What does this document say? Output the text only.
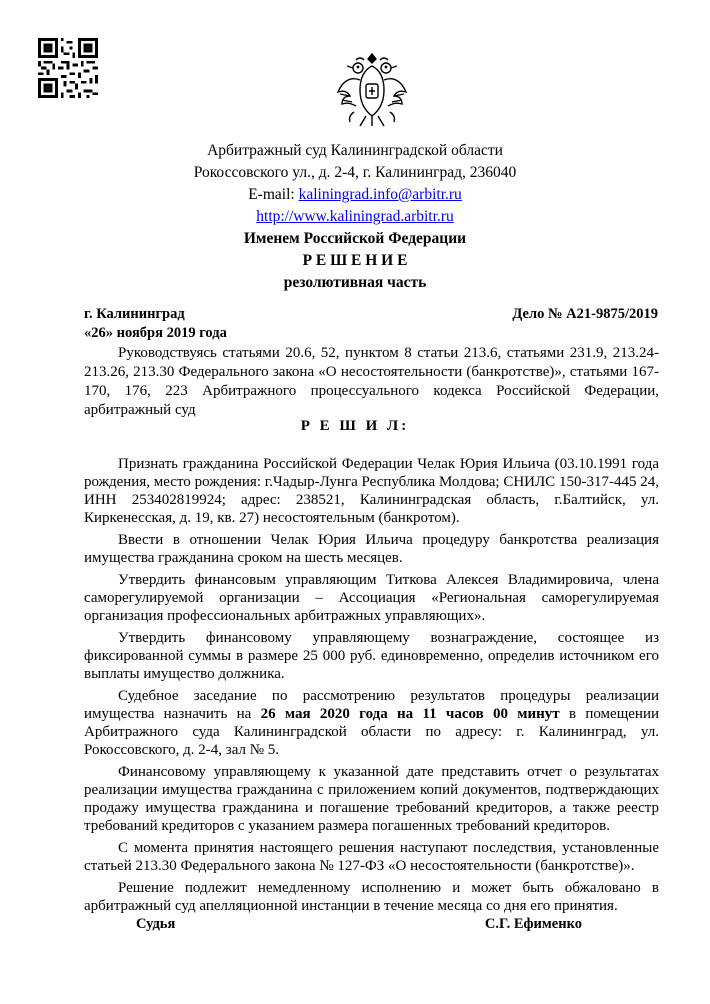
Арбитражный суд Калининградской области
Рокоссовского ул., д. 2-4, г. Калининград, 236040
E-mail: kaliningrad.info@arbitr.ru
http://www.kaliningrad.arbitr.ru
Именем Российской Федерации
Р Е Ш Е Н И Е
резолютивная часть
г. Калининград	Дело № А21-9875/2019
«26» ноября 2019 года

Руководствуясь статьями 20.6, 52, пунктом 8 статьи 213.6, статьями 231.9, 213.24-213.26, 213.30 Федерального закона «О несостоятельности (банкротстве)», статьями 167-170, 176, 223 Арбитражного процессуального кодекса Российской Федерации, арбитражный суд

Р Е Ш И Л:

Признать гражданина Российской Федерации Челак Юрия Ильича (03.10.1991 года рождения, место рождения: г.Чадыр-Лунга Республика Молдова; СНИЛС 150-317-445 24, ИНН 253402819924; адрес: 238521, Калининградская область, г.Балтийск, ул. Киркенесская, д. 19, кв. 27) несостоятельным (банкротом).

Ввести в отношении Челак Юрия Ильича процедуру банкротства реализация имущества гражданина сроком на шесть месяцев.

Утвердить финансовым управляющим Титкова Алексея Владимировича, члена саморегулируемой организации – Ассоциация «Региональная саморегулируемая организация профессиональных арбитражных управляющих».

Утвердить финансовому управляющему вознаграждение, состоящее из фиксированной суммы в размере 25 000 руб. единовременно, определив источником его выплаты имущество должника.

Судебное заседание по рассмотрению результатов процедуры реализации имущества назначить на 26 мая 2020 года на 11 часов 00 минут в помещении Арбитражного суда Калининградской области по адресу: г. Калининград, ул. Рокоссовского, д. 2-4, зал № 5.

Финансовому управляющему к указанной дате представить отчет о результатах реализации имущества гражданина с приложением копий документов, подтверждающих продажу имущества гражданина и погашение требований кредиторов, а также реестр требований кредиторов с указанием размера погашенных требований кредиторов.

С момента принятия настоящего решения наступают последствия, установленные статьей 213.30 Федерального закона № 127-ФЗ «О несостоятельности (банкротстве)».

Решение подлежит немедленному исполнению и может быть обжаловано в арбитражный суд апелляционной инстанции в течение месяца со дня его принятия.

Судья	С.Г. Ефименко
